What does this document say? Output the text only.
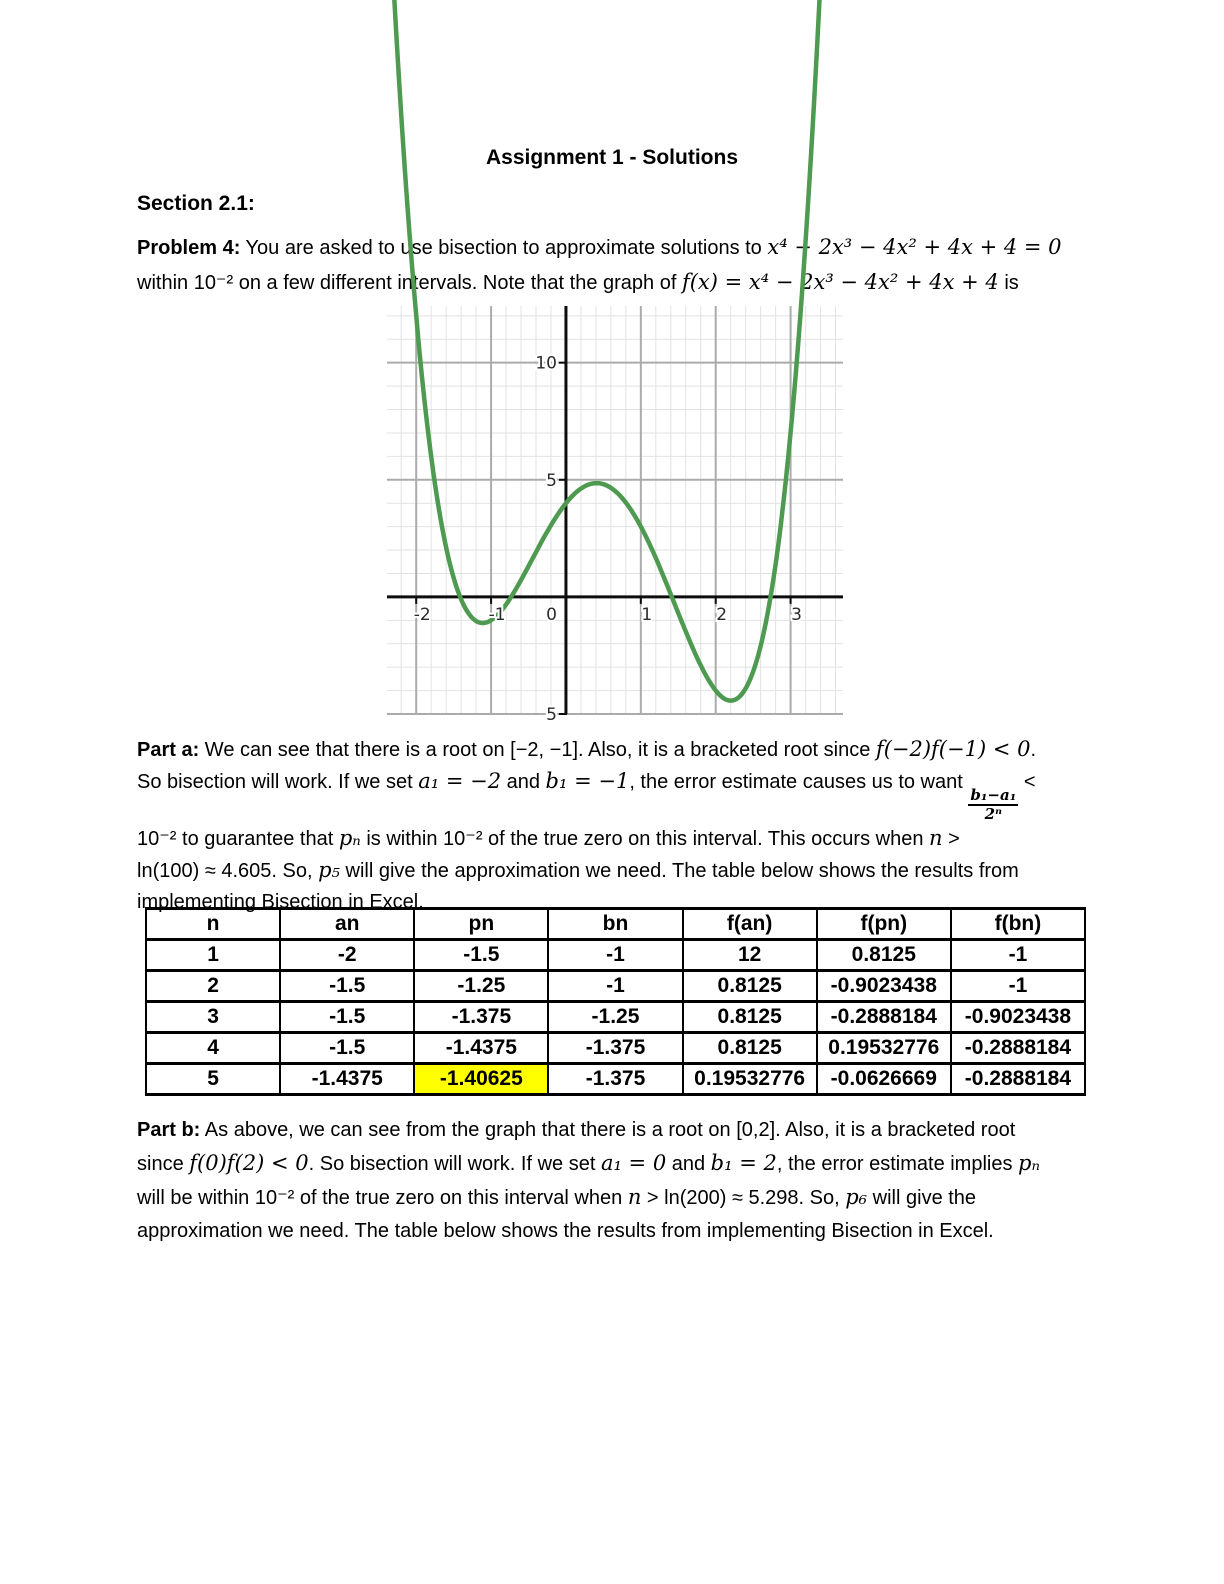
Assignment 1 - Solutions
Section 2.1:
Problem 4: You are asked to use bisection to approximate solutions to x⁴ − 2x³ − 4x² + 4x + 4 = 0
within 10⁻² on a few different intervals. Note that the graph of f(x) = x⁴ − 2x³ − 4x² + 4x + 4 is
-2	-1 0	1	2	3
10
5
5
Part a: We can see that there is a root on [−2, −1]. Also, it is a bracketed root since f(−2)f(−1) < 0.
So bisection will work. If we set a₁ = −2 and b₁ = −1, the error estimate causes us to want
$\frac{\text{b₁−a₁}}{\text{2ⁿ}}$
<
10⁻² to guarantee that pₙ is within 10⁻² of the true zero on this interval. This occurs when n >
ln(100) ≈ 4.605. So, p₅ will give the approximation we need. The table below shows the results from
implementing Bisection in Excel.
n	an	pn	bn	f(an)	f(pn)	f(bn)
1	-2	-1.5	-1	12	0.8125	-1
2	-1.5	-1.25	-1	0.8125	-0.9023438	-1
3	-1.5	-1.375	-1.25	0.8125	-0.2888184	-0.9023438
4	-1.5	-1.4375	-1.375	0.8125	0.19532776	-0.2888184
5	-1.4375	-1.40625	-1.375	0.19532776	-0.0626669	-0.2888184
Part b: As above, we can see from the graph that there is a root on [0,2]. Also, it is a bracketed root
since f(0)f(2) < 0. So bisection will work. If we set a₁ = 0 and b₁ = 2, the error estimate implies pₙ
will be within 10⁻² of the true zero on this interval when n > ln(200) ≈ 5.298. So, p₆ will give the
approximation we need. The table below shows the results from implementing Bisection in Excel.
